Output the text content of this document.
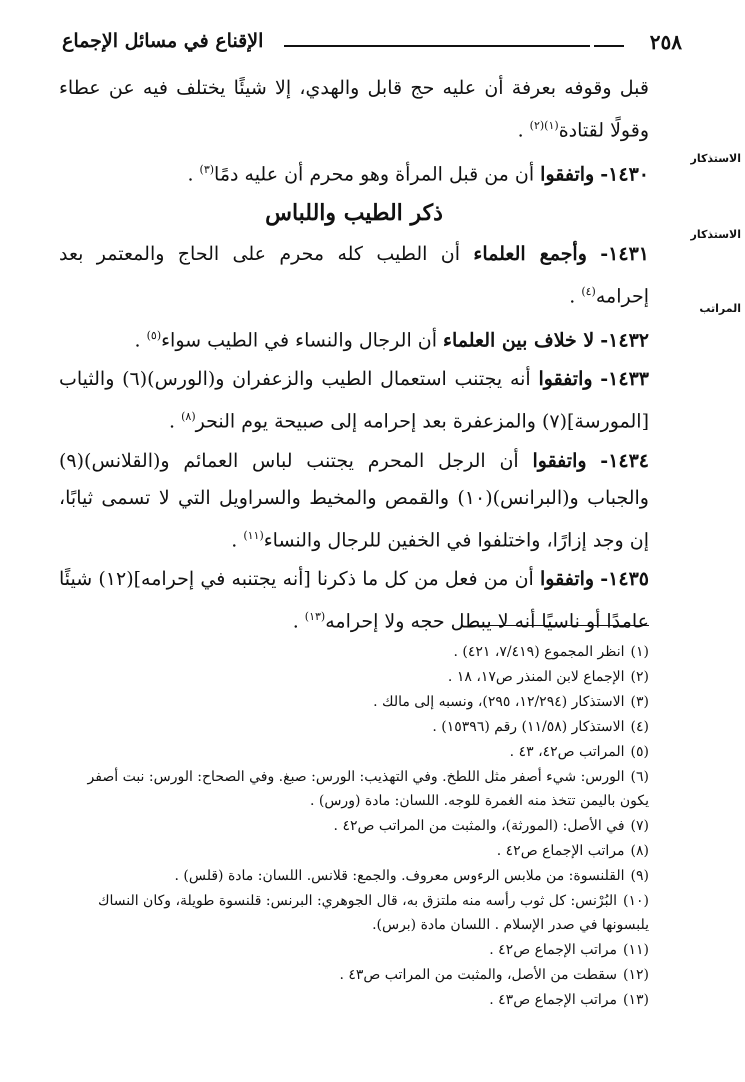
٢٥٨
الإقناع في مسائل الإجماع
الاستذكار
الاستذكار
المراتب

قبل وقوفه بعرفة أن عليه حج قابل والهدي، إلا شيئًا يختلف فيه عن عطاء وقولًا لقتادة$^{(١)(٢)}$ .

١٤٣٠- واتفقوا أن من قبل المرأة وهو محرم أن عليه دمًا$^{(٣)}$ .

ذكر الطيب واللباس

١٤٣١- وأجمع العلماء أن الطيب كله محرم على الحاج والمعتمر بعد إحرامه$^{(٤)}$ .

١٤٣٢- لا خلاف بين العلماء أن الرجال والنساء في الطيب سواء$^{(٥)}$ .

١٤٣٣- واتفقوا أنه يجتنب استعمال الطيب والزعفران و(الورس)(٦) والثياب [المورسة](٧) والمزعفرة بعد إحرامه إلى صبيحة يوم النحر$^{(٨)}$ .

١٤٣٤- واتفقوا أن الرجل المحرم يجتنب لباس العمائم و(القلانس)(٩) والجباب و(البرانس)(١٠) والقمص والمخيط والسراويل التي لا تسمى ثيابًا، إن وجد إزارًا، واختلفوا في الخفين للرجال والنساء$^{(١١)}$ .

١٤٣٥- واتفقوا أن من فعل من كل ما ذكرنا [أنه يجتنبه في إحرامه](١٢) شيئًا عامدًا أو ناسيًا أنه لا يبطل حجه ولا إحرامه$^{(١٣)}$ .

(١)انظر المجموع (٧/٤١٩، ٤٢١) .

(٢)الإجماع لابن المنذر ص١٧، ١٨ .

(٣)الاستذكار (١٢/٢٩٤، ٢٩٥)، ونسبه إلى مالك .

(٤)الاستذكار (١١/٥٨) رقم (١٥٣٩٦) .

(٥)المراتب ص٤٢، ٤٣ .

(٦)الورس: شيء أصفر مثل اللطخ. وفي التهذيب: الورس: صبغ. وفي الصحاح: الورس: نبت أصفر يكون باليمن تتخذ منه الغمرة للوجه. اللسان: مادة (ورس) .

(٧)في الأصل: (المورثة)، والمثبت من المراتب ص٤٢ .

(٨)مراتب الإجماع ص٤٢ .

(٩)القلنسوة: من ملابس الرءوس معروف. والجمع: قلانس. اللسان: مادة (قلس) .

(١٠)البُرْنس: كل ثوب رأسه منه ملتزق به، قال الجوهري: البرنس: قلنسوة طويلة، وكان النساك يلبسونها في صدر الإسلام . اللسان مادة (برس).

(١١)مراتب الإجماع ص٤٢ .

(١٢)سقطت من الأصل، والمثبت من المراتب ص٤٣ .

(١٣)مراتب الإجماع ص٤٣ .
